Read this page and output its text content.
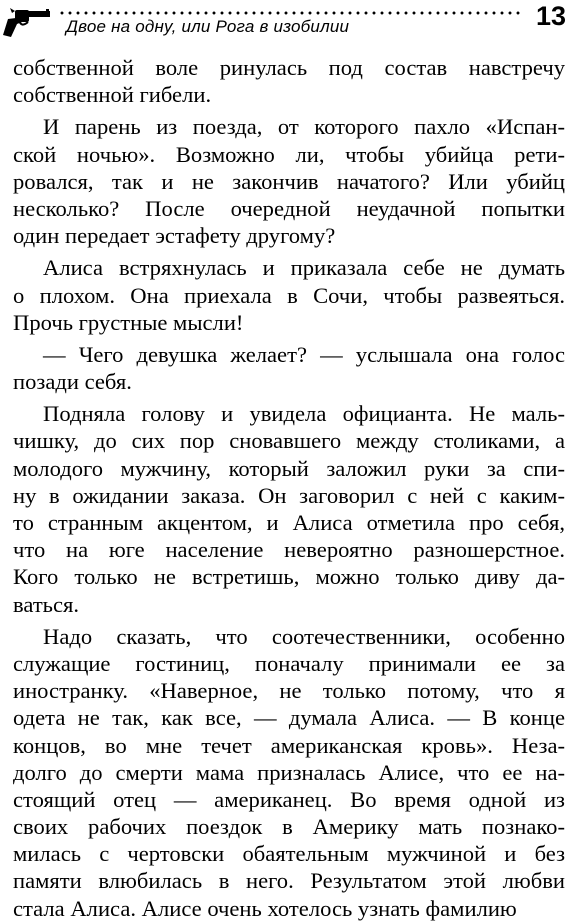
Двое на одну, или Рога в изобилии	13
собственной воле ринулась под состав навстречу
собственной гибели.
И парень из поезда, от которого пахло «Испан-
ской ночью». Возможно ли, чтобы убийца рети-
ровался, так и не закончив начатого? Или убийц
несколько? После очередной неудачной попытки
один передает эстафету другому?
Алиса встряхнулась и приказала себе не думать
о плохом. Она приехала в Сочи, чтобы развеяться.
Прочь грустные мысли!
— Чего девушка желает? — услышала она голос
позади себя.
Подняла голову и увидела официанта. Не маль-
чишку, до сих пор сновавшего между столиками, а
молодого мужчину, который заложил руки за спи-
ну в ожидании заказа. Он заговорил с ней с каким-
то странным акцентом, и Алиса отметила про себя,
что на юге население невероятно разношерстное.
Кого только не встретишь, можно только диву да-
ваться.
Надо сказать, что соотечественники, особенно
служащие гостиниц, поначалу принимали ее за
иностранку. «Наверное, не только потому, что я
одета не так, как все, — думала Алиса. — В конце
концов, во мне течет американская кровь». Неза-
долго до смерти мама призналась Алисе, что ее на-
стоящий отец — американец. Во время одной из
своих рабочих поездок в Америку мать познако-
милась с чертовски обаятельным мужчиной и без
памяти влюбилась в него. Результатом этой любви
стала Алиса. Алисе очень хотелось узнать фамилию
